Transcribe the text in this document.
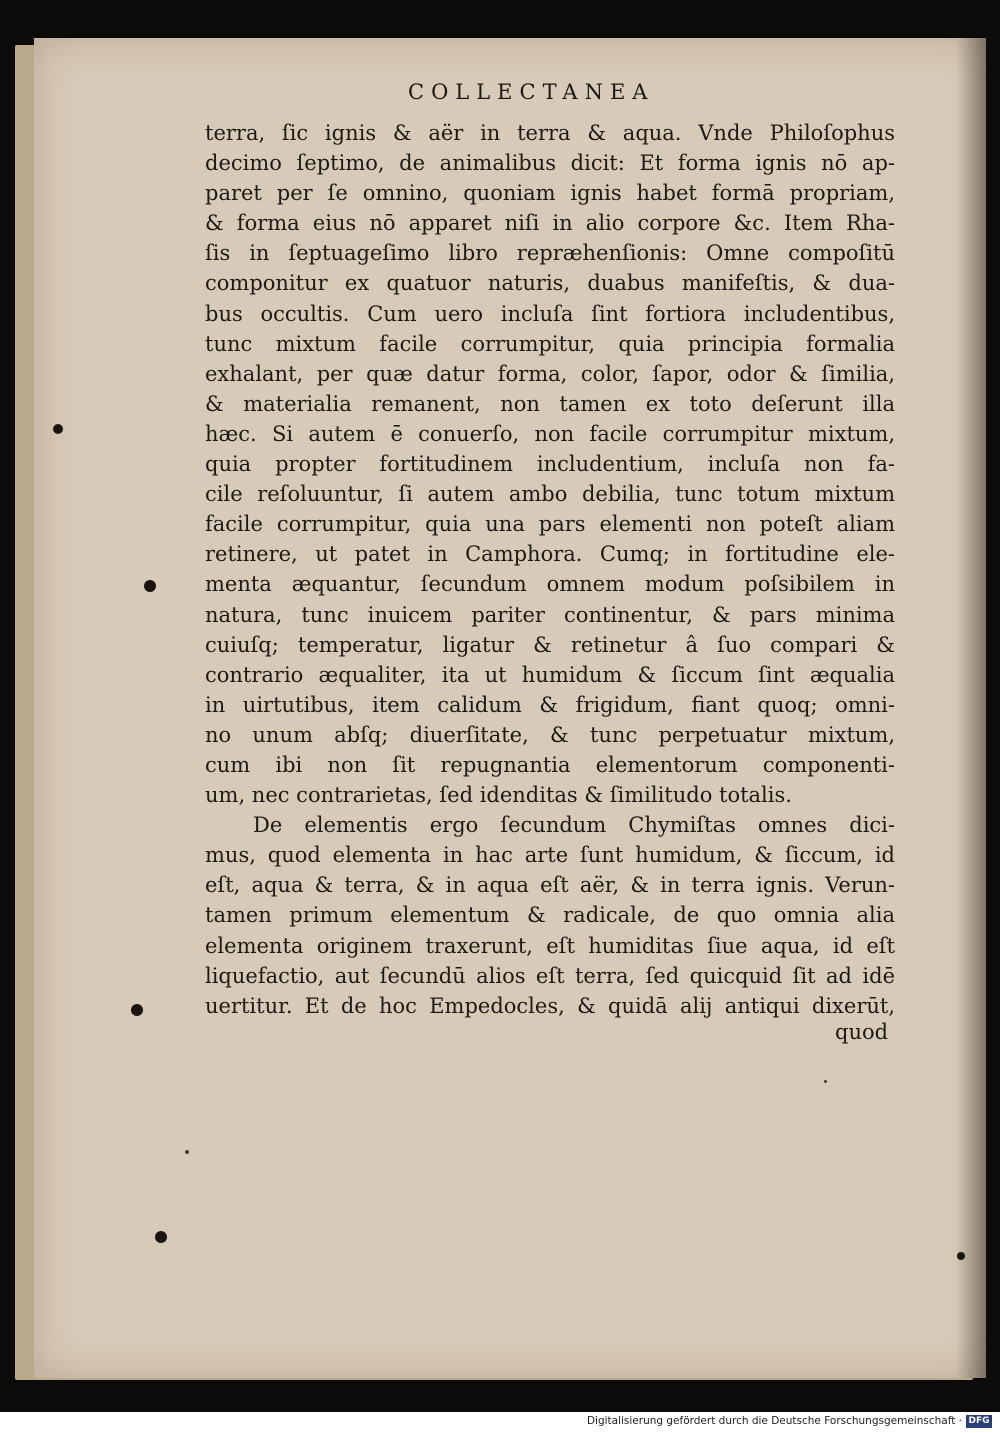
COLLECTANEA
terra, ſic ignis & aër in terra & aqua. Vnde Philoſophus
decimo ſeptimo, de animalibus dicit: Et forma ignis nō ap-
paret per ſe omnino, quoniam ignis habet formā propriam,
& forma eius nō apparet niſi in alio corpore &c. Item Rha-
ſis in ſeptuageſimo libro repræhenſionis: Omne compoſitū
componitur ex quatuor naturis, duabus manifeſtis, & dua-
bus occultis. Cum uero incluſa ſint fortiora includentibus,
tunc mixtum facile corrumpitur, quia principia formalia
exhalant, per quæ datur forma, color, ſapor, odor & ſimilia,
& materialia remanent, non tamen ex toto deſerunt illa
hæc. Si autem ē conuerſo, non facile corrumpitur mixtum,
quia propter fortitudinem includentium, incluſa non fa-
cile reſoluuntur, ſi autem ambo debilia, tunc totum mixtum
facile corrumpitur, quia una pars elementi non poteſt aliam
retinere, ut patet in Camphora. Cumq; in fortitudine ele-
menta æquantur, ſecundum omnem modum poſsibilem in
natura, tunc inuicem pariter continentur, & pars minima
cuiuſq; temperatur, ligatur & retinetur â ſuo compari &
contrario æqualiter, ita ut humidum & ſiccum ſint æqualia
in uirtutibus, item calidum & frigidum, fiant quoq; omni-
no unum abſq; diuerſitate, & tunc perpetuatur mixtum,
cum ibi non ſit repugnantia elementorum componenti-
um, nec contrarietas, ſed idenditas & ſimilitudo totalis.
De elementis ergo ſecundum Chymiſtas omnes dici-
mus, quod elementa in hac arte ſunt humidum, & ſiccum, id
eſt, aqua & terra, & in aqua eſt aër, & in terra ignis. Verun-
tamen primum elementum & radicale, de quo omnia alia
elementa originem traxerunt, eſt humiditas ſiue aqua, id eſt
liquefactio, aut ſecundū alios eſt terra, ſed quicquid ſit ad idē
uertitur. Et de hoc Empedocles, & quidā alij antiqui dixerūt,
quod
Digitalisierung gefördert durch die Deutsche Forschungsgemeinschaft · DFG
